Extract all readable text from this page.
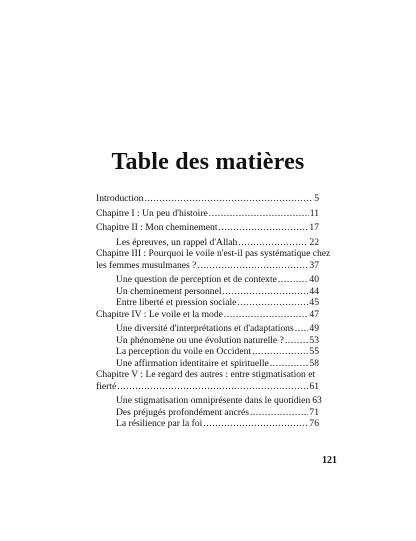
Table des matières
Introduction .....	5
Chapitre I : Un peu d'histoire .....	11
Chapitre II : Mon cheminement .....	17
Les épreuves, un rappel d'Allah .....	22
Chapitre III : Pourquoi le voile n'est-il pas systématique chez
les femmes musulmanes ? .....	37
Une question de perception et de contexte .....	40
Un cheminement personnel .....	44
Entre liberté et pression sociale .....	45
Chapitre IV : Le voile et la mode .....	47
Une diversité d'interprétations et d'adaptations ..... 49
Un phénomène ou une évolution naturelle ? .....	53
La perception du voile en Occident .....	55
Une affirmation identitaire et spirituelle .....	58
Chapitre V : Le regard des autres : entre stigmatisation et
fierté .....	61
Une stigmatisation omniprésente dans le quotidien 63
Des préjugés profondément ancrés .....	71
La résilience par la foi .....	76
121
